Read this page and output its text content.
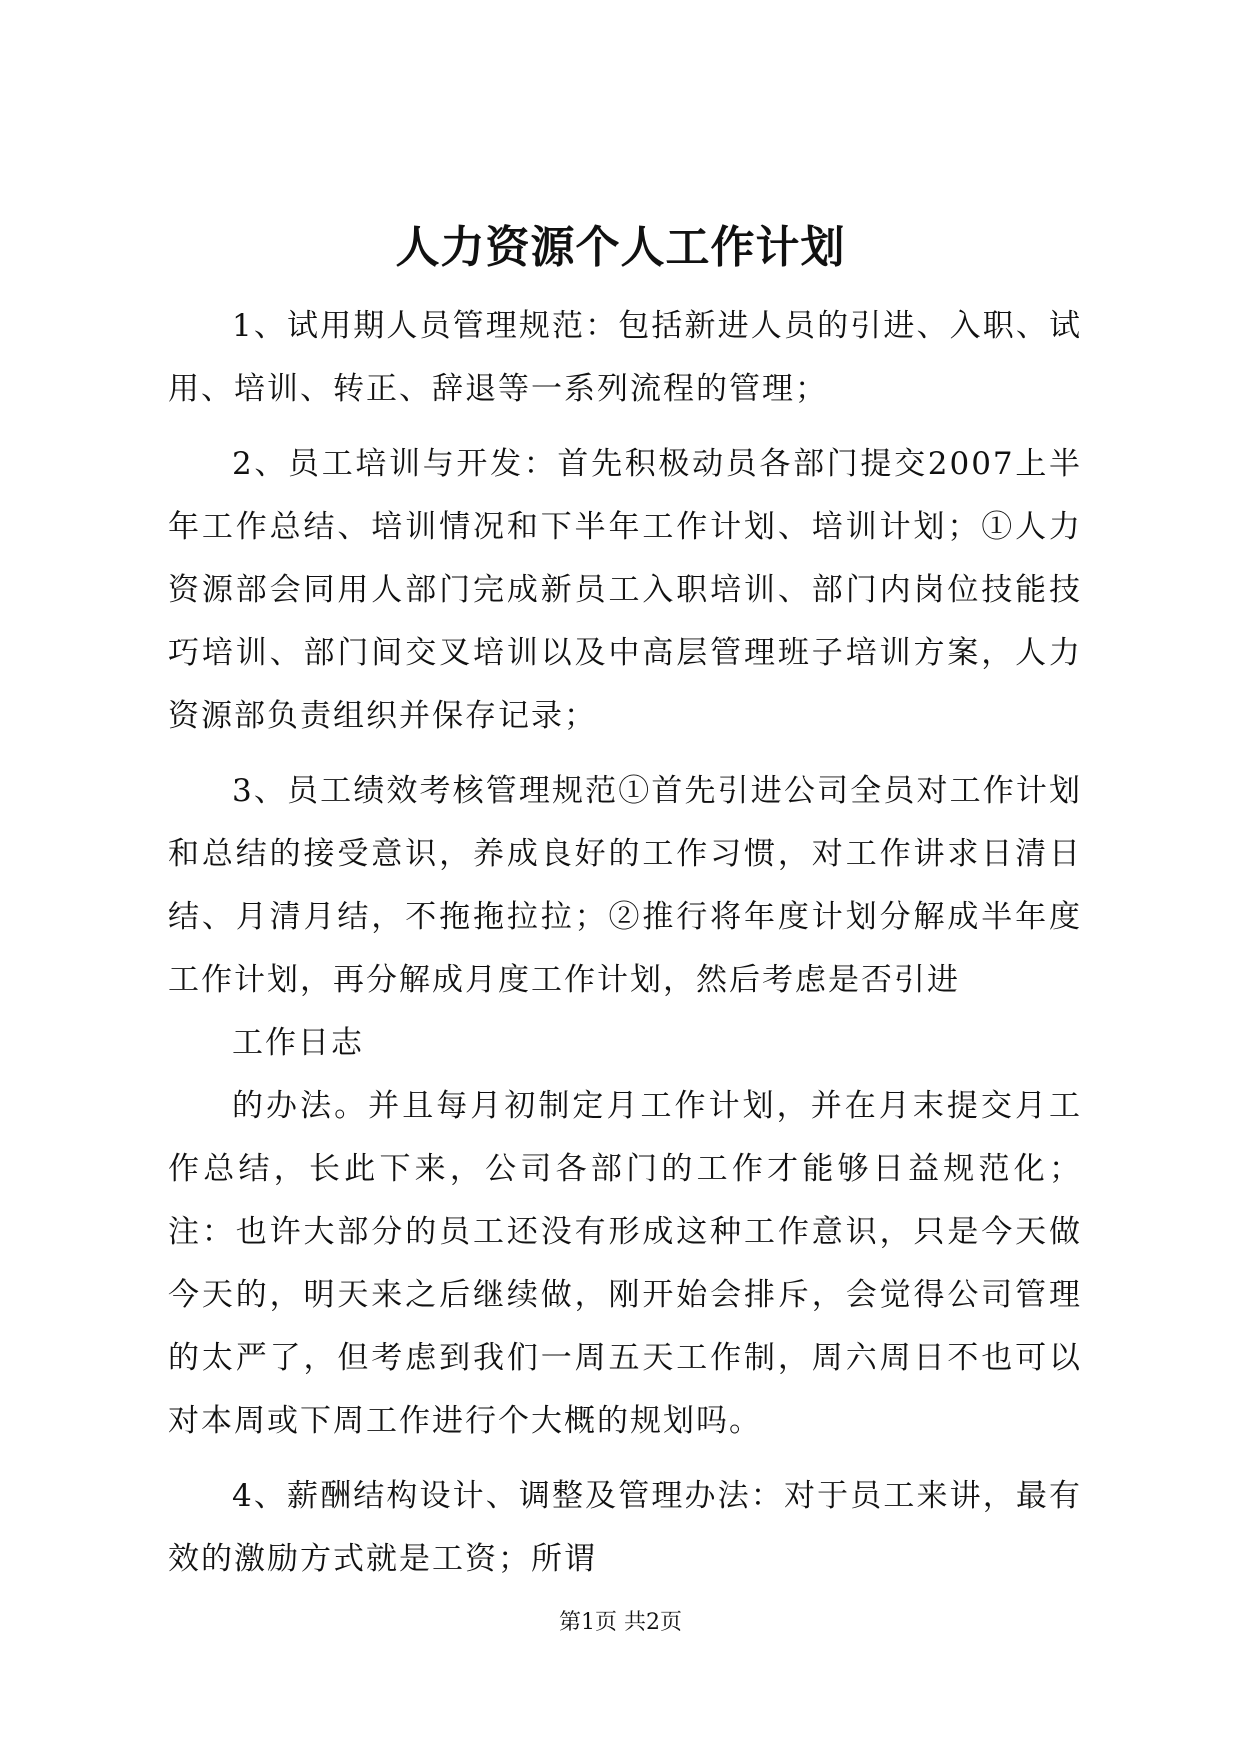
人力资源个人工作计划

1、试用期人员管理规范：包括新进人员的引进、入职、试用、培训、转正、辞退等一系列流程的管理；

2、员工培训与开发：首先积极动员各部门提交2007上半年工作总结、培训情况和下半年工作计划、培训计划；①人力资源部会同用人部门完成新员工入职培训、部门内岗位技能技巧培训、部门间交叉培训以及中高层管理班子培训方案，人力资源部负责组织并保存记录；

3、员工绩效考核管理规范①首先引进公司全员对工作计划和总结的接受意识，养成良好的工作习惯，对工作讲求日清日结、月清月结，不拖拖拉拉；②推行将年度计划分解成半年度工作计划，再分解成月度工作计划，然后考虑是否引进

工作日志

的办法。并且每月初制定月工作计划，并在月末提交月工作总结，长此下来，公司各部门的工作才能够日益规范化；注：也许大部分的员工还没有形成这种工作意识，只是今天做今天的，明天来之后继续做，刚开始会排斥，会觉得公司管理的太严了，但考虑到我们一周五天工作制，周六周日不也可以对本周或下周工作进行个大概的规划吗。

4、薪酬结构设计、调整及管理办法：对于员工来讲，最有效的激励方式就是工资；所谓

第1页 共2页
